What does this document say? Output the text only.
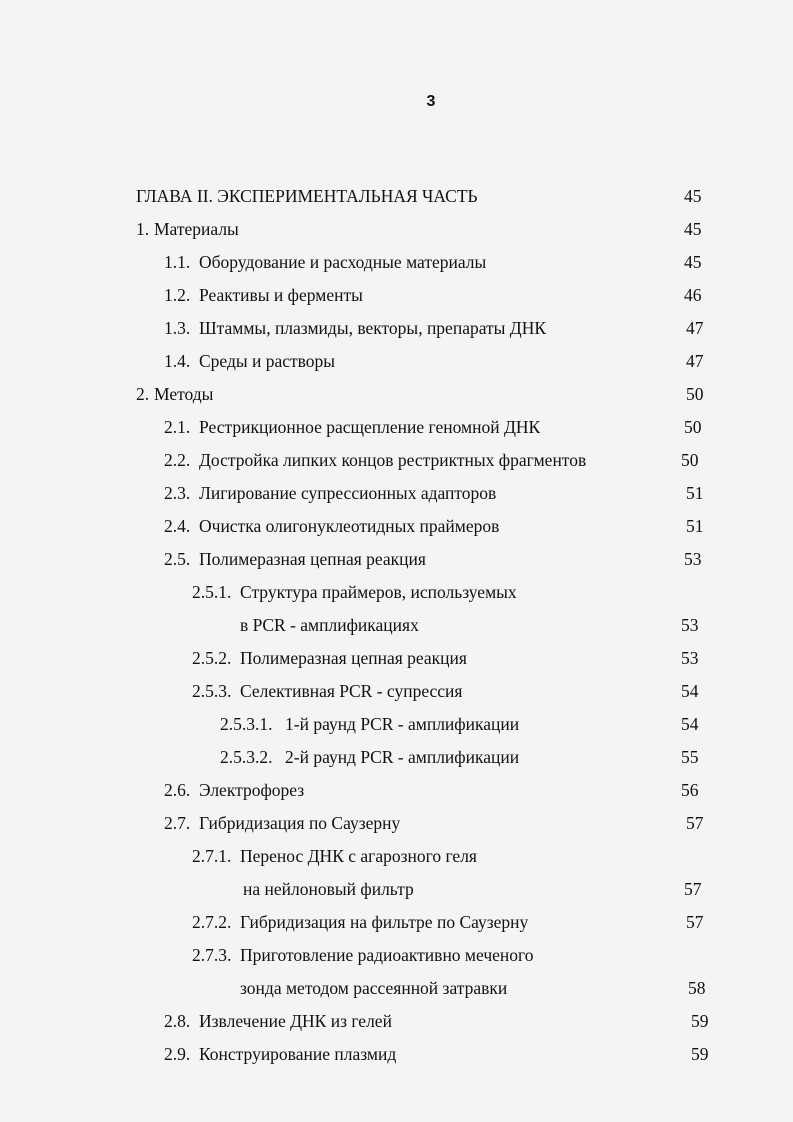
3
ГЛАВА II. ЭКСПЕРИМЕНТАЛЬНАЯ ЧАСТЬ	45
1. Материалы	45
1.1. Оборудование и расходные материалы	45
1.2. Реактивы и ферменты	46
1.3. Штаммы, плазмиды, векторы, препараты ДНК	47
1.4. Среды и растворы	47
2. Методы	50
2.1. Рестрикционное расщепление геномной ДНК	50
2.2. Достройка липких концов рестриктных фрагментов	50
2.3. Лигирование супрессионных адапторов	51
2.4. Очистка олигонуклеотидных праймеров	51
2.5. Полимеразная цепная реакция	53
2.5.1. Структура праймеров, используемых
в PCR - амплификациях	53
2.5.2. Полимеразная цепная реакция	53
2.5.3. Селективная PCR - супрессия	54
2.5.3.1. 1-й раунд PCR - амплификации	54
2.5.3.2. 2-й раунд PCR - амплификации	55
2.6. Электрофорез	56
2.7. Гибридизация по Саузерну	57
2.7.1. Перенос ДНК с агарозного геля
на нейлоновый фильтр	57
2.7.2. Гибридизация на фильтре по Саузерну	57
2.7.3. Приготовление радиоактивно меченого
зонда методом рассеянной затравки	58
2.8. Извлечение ДНК из гелей	59
2.9. Конструирование плазмид	59
